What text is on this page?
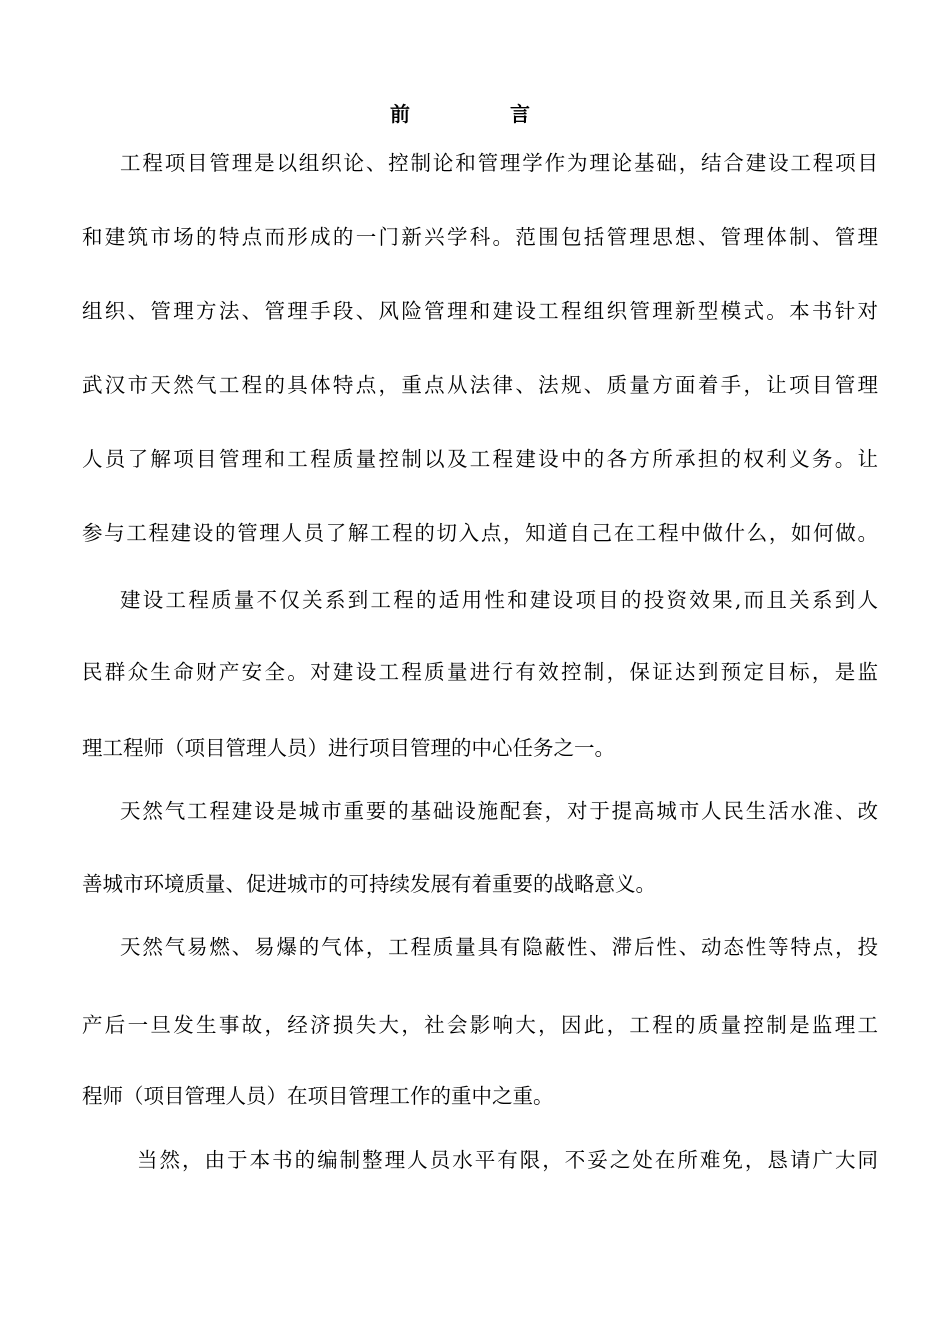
前　言
工程项目管理是以组织论、控制论和管理学作为理论基础，结合建设工程项目
和建筑市场的特点而形成的一门新兴学科。范围包括管理思想、管理体制、管理
组织、管理方法、管理手段、风险管理和建设工程组织管理新型模式。本书针对
武汉市天然气工程的具体特点，重点从法律、法规、质量方面着手，让项目管理
人员了解项目管理和工程质量控制以及工程建设中的各方所承担的权利义务。让
参与工程建设的管理人员了解工程的切入点，知道自己在工程中做什么，如何做。
建设工程质量不仅关系到工程的适用性和建设项目的投资效果,而且关系到人
民群众生命财产安全。对建设工程质量进行有效控制，保证达到预定目标，是监
理工程师（项目管理人员）进行项目管理的中心任务之一。
天然气工程建设是城市重要的基础设施配套，对于提高城市人民生活水准、改
善城市环境质量、促进城市的可持续发展有着重要的战略意义。
天然气易燃、易爆的气体，工程质量具有隐蔽性、滞后性、动态性等特点，投
产后一旦发生事故，经济损失大，社会影响大，因此，工程的质量控制是监理工
程师（项目管理人员）在项目管理工作的重中之重。
当然，由于本书的编制整理人员水平有限，不妥之处在所难免，恳请广大同
